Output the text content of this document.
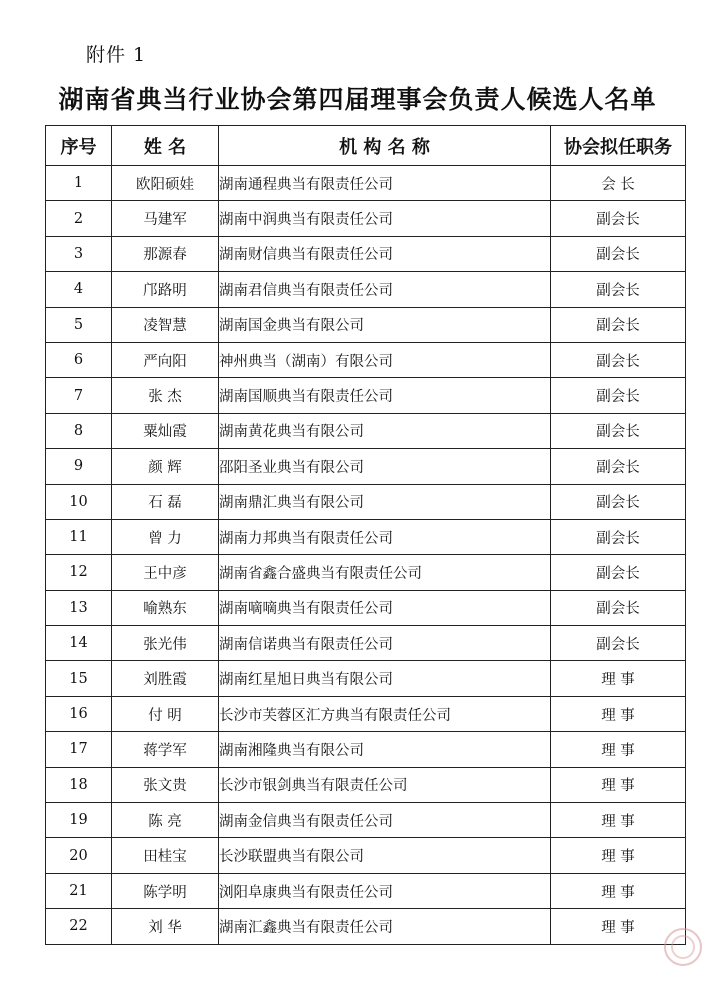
附件 1
湖南省典当行业协会第四届理事会负责人候选人名单
序号	姓 名	机 构 名 称	协会拟任职务
1	欧阳硕娃	湖南通程典当有限责任公司	会 长
2	马建军	湖南中润典当有限责任公司	副会长
3	那源春	湖南财信典当有限责任公司	副会长
4	邝路明	湖南君信典当有限责任公司	副会长
5	凌智慧	湖南国金典当有限公司	副会长
6	严向阳	神州典当（湖南）有限公司	副会长
7	张 杰	湖南国顺典当有限责任公司	副会长
8	粟灿霞	湖南黄花典当有限公司	副会长
9	颜 辉	邵阳圣业典当有限公司	副会长
10	石 磊	湖南鼎汇典当有限公司	副会长
11	曾 力	湖南力邦典当有限责任公司	副会长
12	王中彦	湖南省鑫合盛典当有限责任公司	副会长
13	喻熟东	湖南嘀嘀典当有限责任公司	副会长
14	张光伟	湖南信诺典当有限责任公司	副会长
15	刘胜霞	湖南红星旭日典当有限公司	理 事
16	付 明	长沙市芙蓉区汇方典当有限责任公司	理 事
17	蒋学军	湖南湘隆典当有限公司	理 事
18	张文贵	长沙市银剑典当有限责任公司	理 事
19	陈 亮	湖南金信典当有限责任公司	理 事
20	田桂宝	长沙联盟典当有限公司	理 事
21	陈学明	浏阳阜康典当有限责任公司	理 事
22	刘 华	湖南汇鑫典当有限责任公司	理 事
